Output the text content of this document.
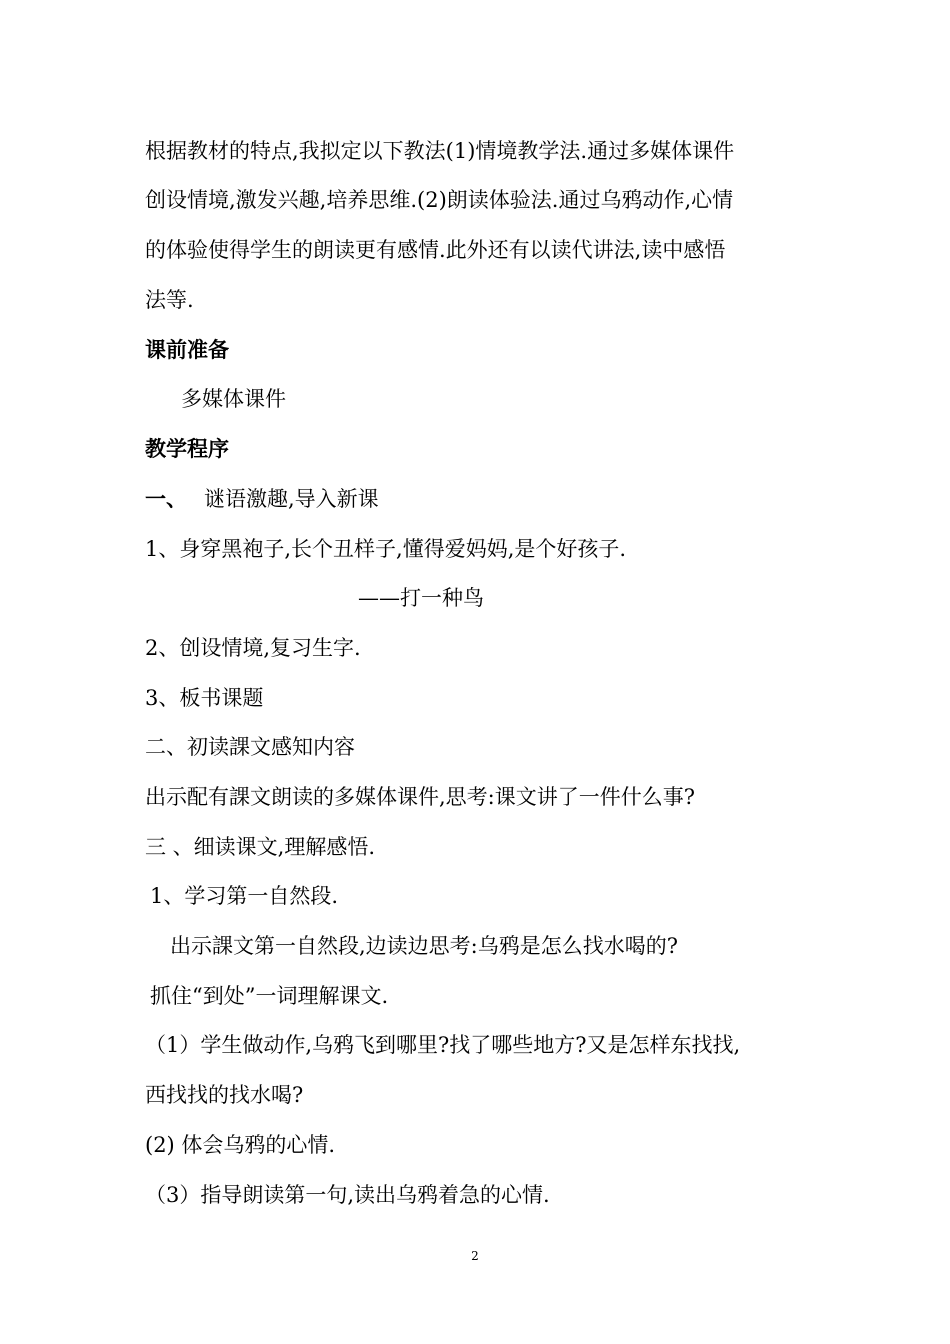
根据教材的特点,我拟定以下教法(1)情境教学法.通过多媒体课件
创设情境,激发兴趣,培养思维.(2)朗读体验法.通过乌鸦动作,心情
的体验使得学生的朗读更有感情.此外还有以读代讲法,读中感悟
法等.
课前准备
多媒体课件
教学程序
一、 谜语激趣,导入新课
1、身穿黑袍子,长个丑样子,懂得爱妈妈,是个好孩子.
——打一种鸟
2、创设情境,复习生字.
3、板书课题
二、初读課文感知内容
出示配有課文朗读的多媒体课件,思考:课文讲了一件什么事?
三 、细读课文,理解感悟.
1、学习第一自然段.
出示課文第一自然段,边读边思考:乌鸦是怎么找水喝的?
抓住“到处”一词理解课文.
（1）学生做动作,乌鸦飞到哪里?找了哪些地方?又是怎样东找找,
西找找的找水喝?
(2) 体会乌鸦的心情.
（3）指导朗读第一句,读出乌鸦着急的心情.
2
